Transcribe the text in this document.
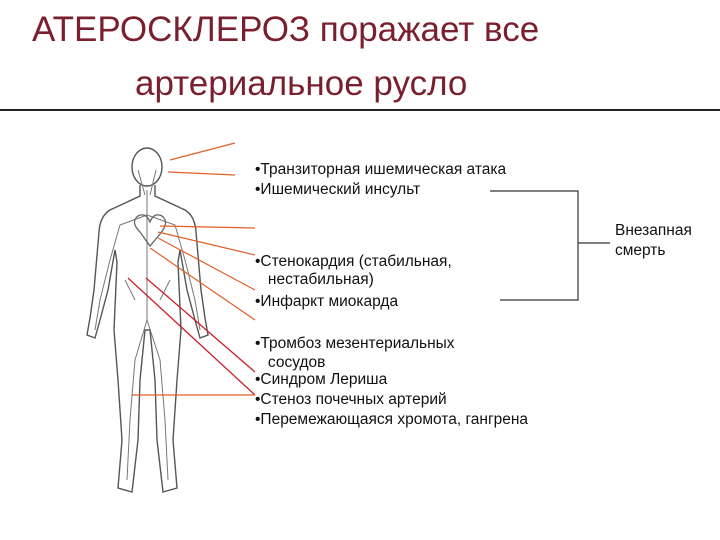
АТЕРОСКЛЕРОЗ поражает все
артериальное русло
•Транзиторная ишемическая атака
•Ишемический инсульт
•Стенокардия (стабильная,
нестабильная)
•Инфаркт миокарда
•Тромбоз мезентериальных
сосудов
•Синдром Лериша
•Стеноз почечных артерий
•Перемежающаяся хромота, гангрена
Внезапная
смерть
